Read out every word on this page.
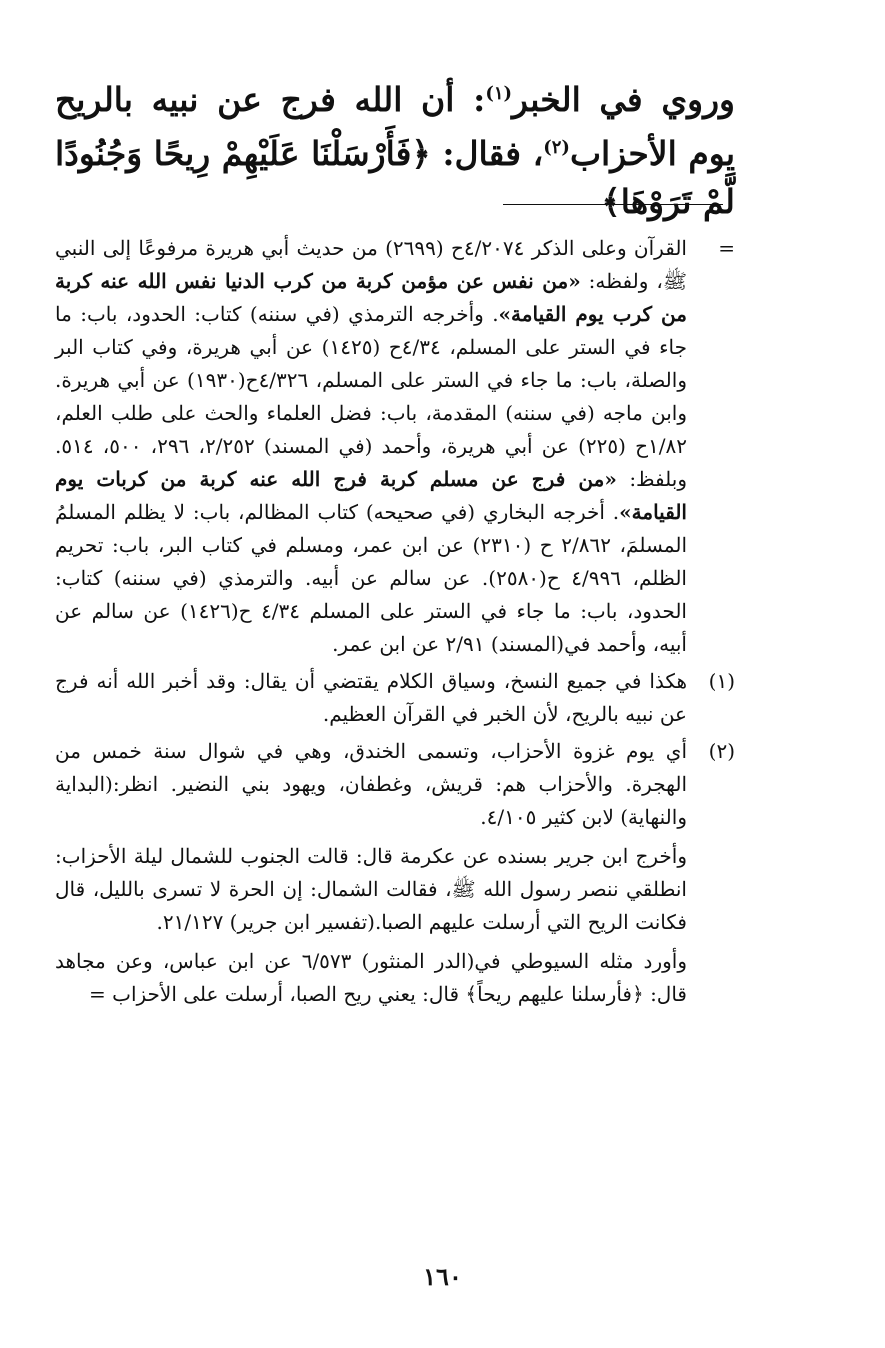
وروي في الخبر$^{(١)}$: أن الله فرج عن نبيه بالريح يوم الأحزاب$^{(٢)}$، فقال: ﴿فَأَرْسَلْنَا عَلَيْهِمْ رِيحًا وَجُنُودًا لَّمْ تَرَوْهَا﴾

=
القرآن وعلى الذكر ٤/٢٠٧٤ح (٢٦٩٩) من حديث أبي هريرة مرفوعًا إلى النبي ﷺ، ولفظه: «من نفس عن مؤمن كربة من كرب الدنيا نفس الله عنه كربة من كرب يوم القيامة». وأخرجه الترمذي (في سننه) كتاب: الحدود، باب: ما جاء في الستر على المسلم، ٤/٣٤ح (١٤٢٥) عن أبي هريرة، وفي كتاب البر والصلة، باب: ما جاء في الستر على المسلم، ٤/٣٢٦ح(١٩٣٠) عن أبي هريرة. وابن ماجه (في سننه) المقدمة، باب: فضل العلماء والحث على طلب العلم، ١/٨٢ح (٢٢٥) عن أبي هريرة، وأحمد (في المسند) ٢/٢٥٢، ٢٩٦، ٥٠٠، ٥١٤. وبلفظ: «من فرج عن مسلم كربة فرج الله عنه كربة من كربات يوم القيامة». أخرجه البخاري (في صحيحه) كتاب المظالم، باب: لا يظلم المسلمُ المسلمَ، ٢/٨٦٢ ح (٢٣١٠) عن ابن عمر، ومسلم في كتاب البر، باب: تحريم الظلم، ٤/٩٩٦ ح(٢٥٨٠). عن سالم عن أبيه. والترمذي (في سننه) كتاب: الحدود، باب: ما جاء في الستر على المسلم ٤/٣٤ ح(١٤٢٦) عن سالم عن أبيه، وأحمد في(المسند) ٢/٩١ عن ابن عمر.
(١)
هكذا في جميع النسخ، وسياق الكلام يقتضي أن يقال: وقد أخبر الله أنه فرج عن نبيه بالريح، لأن الخبر في القرآن العظيم.
(٢)
أي يوم غزوة الأحزاب، وتسمى الخندق، وهي في شوال سنة خمس من الهجرة. والأحزاب هم: قريش، وغطفان، ويهود بني النضير. انظر:(البداية والنهاية) لابن كثير ٤/١٠٥.
وأخرج ابن جرير بسنده عن عكرمة قال: قالت الجنوب للشمال ليلة الأحزاب: انطلقي ننصر رسول الله ﷺ، فقالت الشمال: إن الحرة لا تسرى بالليل، قال فكانت الريح التي أرسلت عليهم الصبا.(تفسير ابن جرير) ٢١/١٢٧.
وأورد مثله السيوطي في(الدر المنثور) ٦/٥٧٣ عن ابن عباس، وعن مجاهد قال: ﴿فأرسلنا عليهم ريحاً﴾ قال: يعني ريح الصبا، أرسلت على الأحزاب =
١٦٠
